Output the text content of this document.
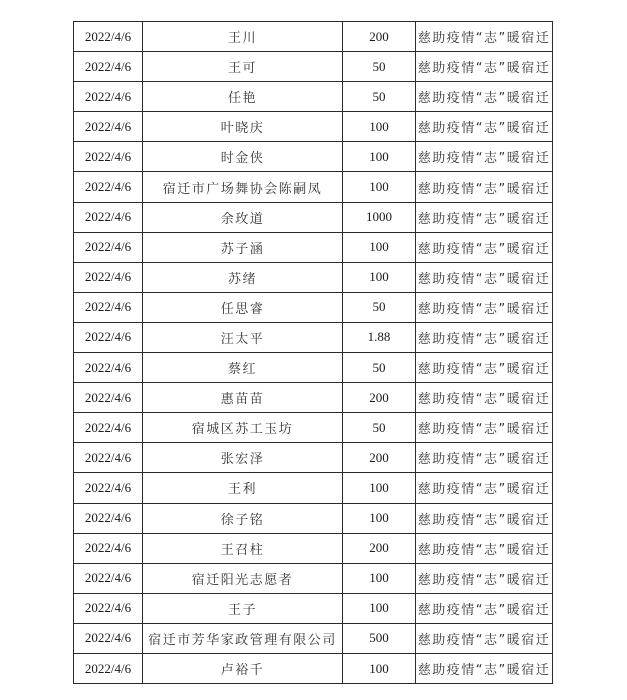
2022/4/6	王川	200	慈助疫情“志”暖宿迁
2022/4/6	王可	50	慈助疫情“志”暖宿迁
2022/4/6	任艳	50	慈助疫情“志”暖宿迁
2022/4/6	叶晓庆	100	慈助疫情“志”暖宿迁
2022/4/6	时金侠	100	慈助疫情“志”暖宿迁
2022/4/6	宿迁市广场舞协会陈嗣凤	100	慈助疫情“志”暖宿迁
2022/4/6	余玫道	1000	慈助疫情“志”暖宿迁
2022/4/6	苏子涵	100	慈助疫情“志”暖宿迁
2022/4/6	苏绪	100	慈助疫情“志”暖宿迁
2022/4/6	任思睿	50	慈助疫情“志”暖宿迁
2022/4/6	汪太平	1.88	慈助疫情“志”暖宿迁
2022/4/6	蔡红	50	慈助疫情“志”暖宿迁
2022/4/6	惠苗苗	200	慈助疫情“志”暖宿迁
2022/4/6	宿城区苏工玉坊	50	慈助疫情“志”暖宿迁
2022/4/6	张宏泽	200	慈助疫情“志”暖宿迁
2022/4/6	王利	100	慈助疫情“志”暖宿迁
2022/4/6	徐子铭	100	慈助疫情“志”暖宿迁
2022/4/6	王召柱	200	慈助疫情“志”暖宿迁
2022/4/6	宿迁阳光志愿者	100	慈助疫情“志”暖宿迁
2022/4/6	王子	100	慈助疫情“志”暖宿迁
2022/4/6	宿迁市芳华家政管理有限公司	500	慈助疫情“志”暖宿迁
2022/4/6	卢裕千	100	慈助疫情“志”暖宿迁
